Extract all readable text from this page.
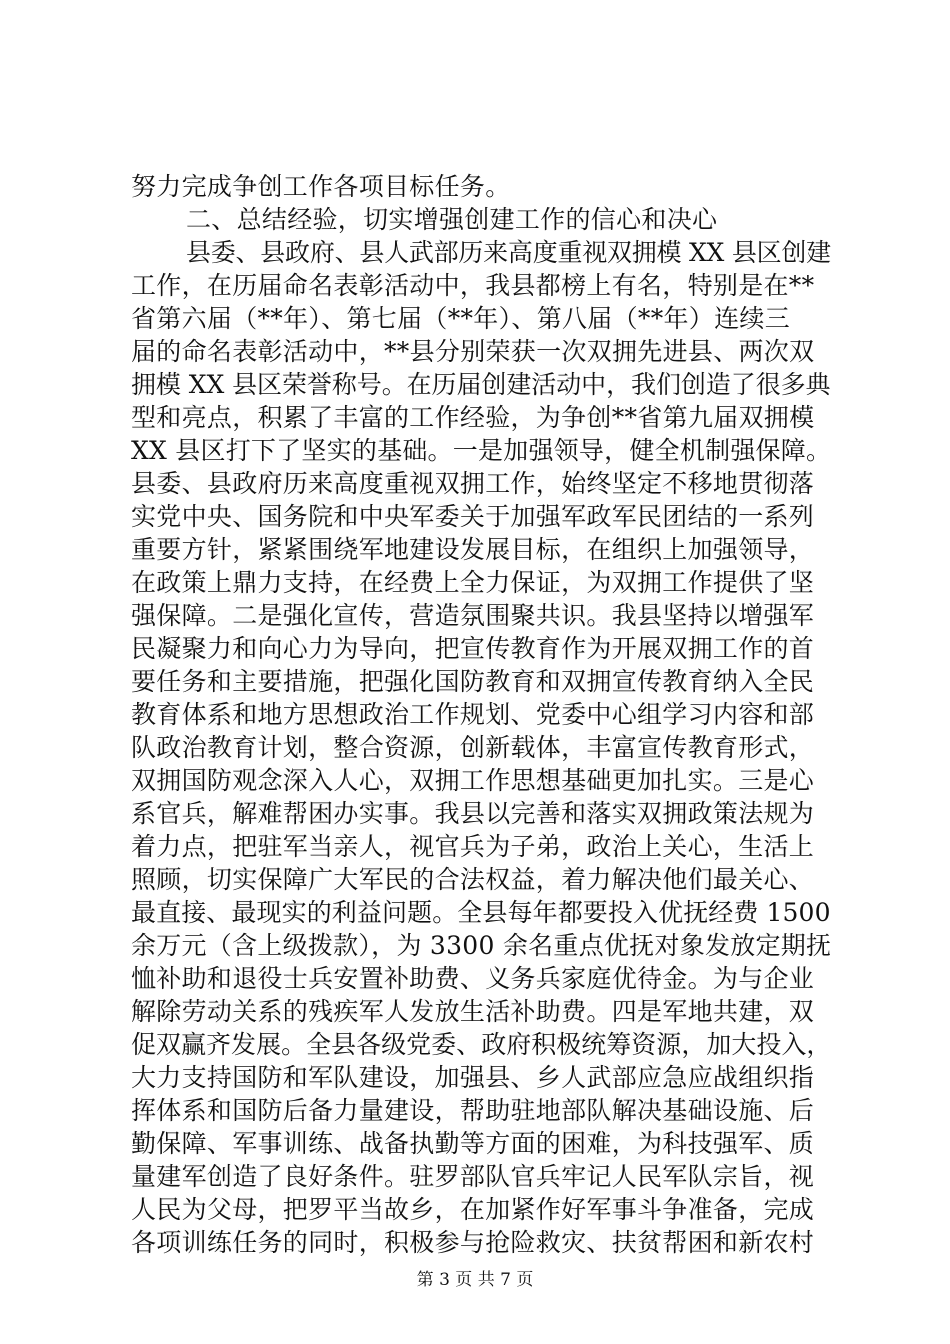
努力完成争创工作各项目标任务。
二、总结经验，切实增强创建工作的信心和决心
县委、县政府、县人武部历来高度重视双拥模 XX 县区创建
工作，在历届命名表彰活动中，我县都榜上有名，特别是在**
省第六届（**年）、第七届（**年）、第八届（**年）连续三
届的命名表彰活动中，**县分别荣获一次双拥先进县、两次双
拥模 XX 县区荣誉称号。在历届创建活动中，我们创造了很多典
型和亮点，积累了丰富的工作经验，为争创**省第九届双拥模
XX 县区打下了坚实的基础。一是加强领导，健全机制强保障。
县委、县政府历来高度重视双拥工作，始终坚定不移地贯彻落
实党中央、国务院和中央军委关于加强军政军民团结的一系列
重要方针，紧紧围绕军地建设发展目标，在组织上加强领导，
在政策上鼎力支持，在经费上全力保证，为双拥工作提供了坚
强保障。二是强化宣传，营造氛围聚共识。我县坚持以增强军
民凝聚力和向心力为导向，把宣传教育作为开展双拥工作的首
要任务和主要措施，把强化国防教育和双拥宣传教育纳入全民
教育体系和地方思想政治工作规划、党委中心组学习内容和部
队政治教育计划，整合资源，创新载体，丰富宣传教育形式，
双拥国防观念深入人心，双拥工作思想基础更加扎实。三是心
系官兵，解难帮困办实事。我县以完善和落实双拥政策法规为
着力点，把驻军当亲人，视官兵为子弟，政治上关心，生活上
照顾，切实保障广大军民的合法权益，着力解决他们最关心、
最直接、最现实的利益问题。全县每年都要投入优抚经费 1500
余万元（含上级拨款），为 3300 余名重点优抚对象发放定期抚
恤补助和退役士兵安置补助费、义务兵家庭优待金。为与企业
解除劳动关系的残疾军人发放生活补助费。四是军地共建，双
促双赢齐发展。全县各级党委、政府积极统筹资源，加大投入，
大力支持国防和军队建设，加强县、乡人武部应急应战组织指
挥体系和国防后备力量建设，帮助驻地部队解决基础设施、后
勤保障、军事训练、战备执勤等方面的困难，为科技强军、质
量建军创造了良好条件。驻罗部队官兵牢记人民军队宗旨，视
人民为父母，把罗平当故乡，在加紧作好军事斗争准备，完成
各项训练任务的同时，积极参与抢险救灾、扶贫帮困和新农村
第 3 页 共 7 页
